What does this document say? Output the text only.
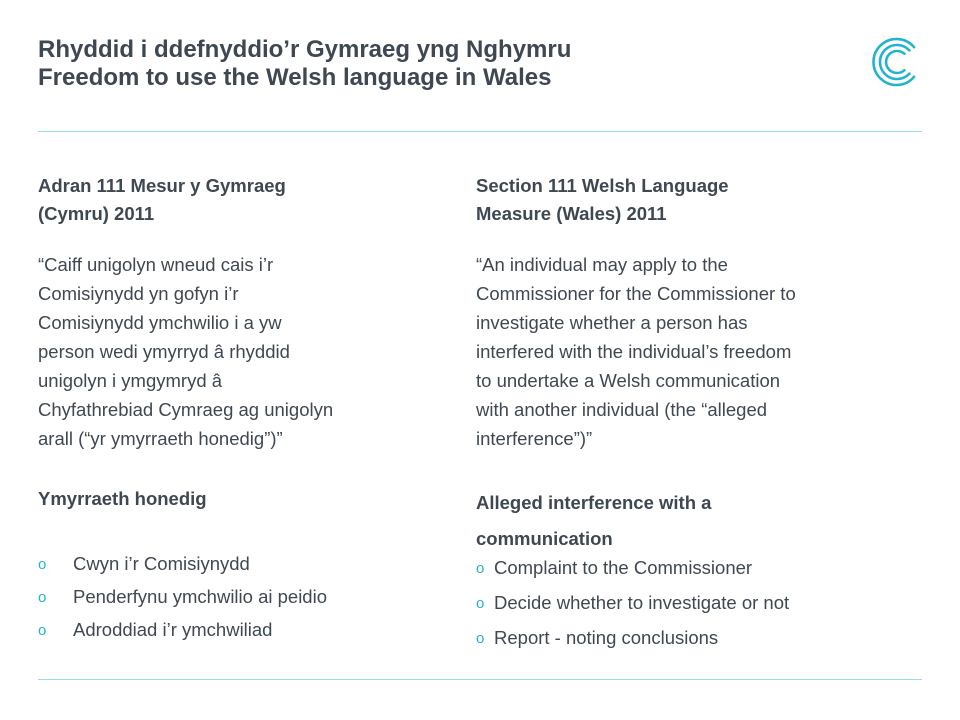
Rhyddid i ddefnyddio’r Gymraeg yng Nghymru
Freedom to use the Welsh language in Wales

Adran 111 Mesur y Gymraeg
(Cymru) 2011

“Caiff unigolyn wneud cais i’r
Comisiynydd yn gofyn i’r
Comisiynydd ymchwilio i a yw
person wedi ymyrryd â rhyddid
unigolyn i ymgymryd â
Chyfathrebiad Cymraeg ag unigolyn
arall (“yr ymyrraeth honedig”)”

Ymyrraeth honedig

o Cwyn i’r Comisiynydd
o Penderfynu ymchwilio ai peidio
o Adroddiad i’r ymchwiliad

Section 111 Welsh Language
Measure (Wales) 2011

“An individual may apply to the
Commissioner for the Commissioner to
investigate whether a person has
interfered with the individual’s freedom
to undertake a Welsh communication
with another individual (the “alleged
interference”)”

Alleged interference with a
communication

o Complaint to the Commissioner
o Decide whether to investigate or not
o Report - noting conclusions
